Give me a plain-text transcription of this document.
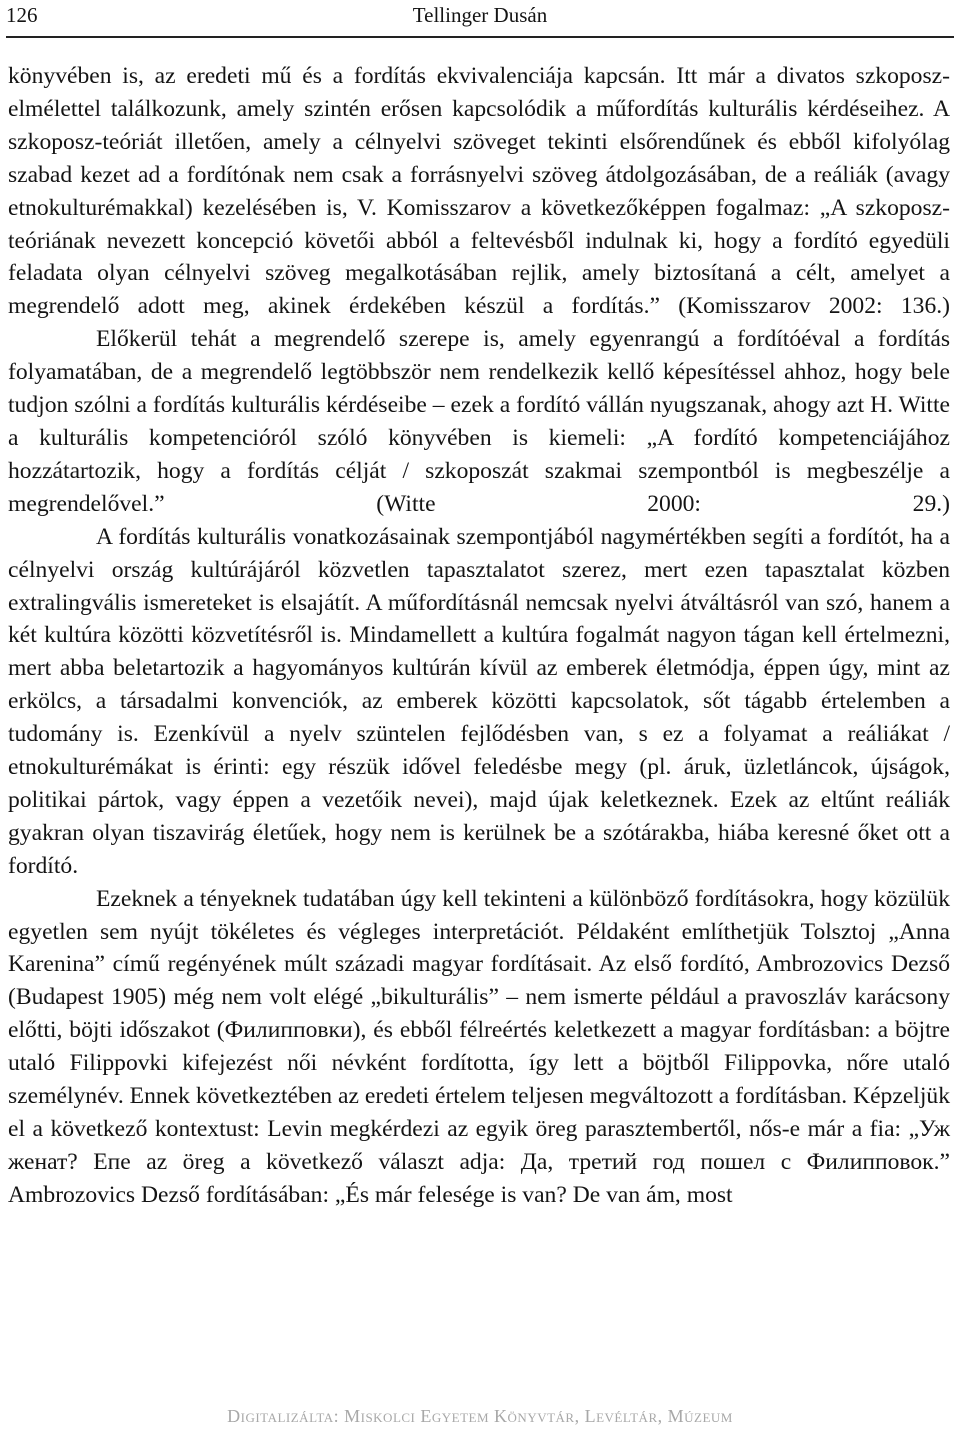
126	Tellinger Dusán

könyvében is, az eredeti mű és a fordítás ekvivalenciája kapcsán. Itt már a divatos szkoposz-elmélettel találkozunk, amely szintén erősen kapcsolódik a műfordítás kulturális kérdéseihez. A szkoposz-teóriát illetően, amely a célnyelvi szöveget tekinti elsőrendűnek és ebből kifolyólag szabad kezet ad a fordítónak nem csak a forrásnyelvi szöveg átdolgozásában, de a reáliák (avagy etnokulturémakkal) kezelésében is, V. Komisszarov a következőképpen fogalmaz: „A szkoposz-teóriának nevezett koncepció követői abból a feltevésből indulnak ki, hogy a fordító egyedüli feladata olyan célnyelvi szöveg megalkotásában rejlik, amely biztosítaná a célt, amelyet a megrendelő adott meg, akinek érdekében készül a fordítás.” (Komisszarov 2002: 136.)

Előkerül tehát a megrendelő szerepe is, amely egyenrangú a fordítóéval a fordítás folyamatában, de a megrendelő legtöbbször nem rendelkezik kellő képesítéssel ahhoz, hogy bele tudjon szólni a fordítás kulturális kérdéseibe – ezek a fordító vállán nyugszanak, ahogy azt H. Witte a kulturális kompetencióról szóló könyvében is kiemeli: „A fordító kompetenciájához hozzátartozik, hogy a fordítás célját / szkoposzát szakmai szempontból is megbeszélje a megrendelővel.” (Witte 2000: 29.)

A fordítás kulturális vonatkozásainak szempontjából nagymértékben segíti a fordítót, ha a célnyelvi ország kultúrájáról közvetlen tapasztalatot szerez, mert ezen tapasztalat közben extralingvális ismereteket is elsajátít. A műfordításnál nemcsak nyelvi átváltásról van szó, hanem a két kultúra közötti közvetítésről is. Mindamellett a kultúra fogalmát nagyon tágan kell értelmezni, mert abba beletartozik a hagyományos kultúrán kívül az emberek életmódja, éppen úgy, mint az erkölcs, a társadalmi konvenciók, az emberek közötti kapcsolatok, sőt tágabb értelemben a tudomány is. Ezenkívül a nyelv szüntelen fejlődésben van, s ez a folyamat a reáliákat / etnokulturémákat is érinti: egy részük idővel feledésbe megy (pl. áruk, üzletláncok, újságok, politikai pártok, vagy éppen a vezetőik nevei), majd újak keletkeznek. Ezek az eltűnt reáliák gyakran olyan tiszavirág életűek, hogy nem is kerülnek be a szótárakba, hiába keresné őket ott a fordító.

Ezeknek a tényeknek tudatában úgy kell tekinteni a különböző fordításokra, hogy közülük egyetlen sem nyújt tökéletes és végleges interpretációt. Példaként említhetjük Tolsztoj „Anna Karenina” című regényének múlt századi magyar fordításait. Az első fordító, Ambrozovics Dezső (Budapest 1905) még nem volt elégé „bikulturális” – nem ismerte például a pravoszláv karácsony előtti, böjti időszakot (Филипповки), és ebből félreértés keletkezett a magyar fordításban: a böjtre utaló Filippovki kifejezést női névként fordította, így lett a böjtből Filippovka, nőre utaló személynév. Ennek következtében az eredeti értelem teljesen megváltozott a fordításban. Képzeljük el a következő kontextust: Levin megkérdezi az egyik öreg parasztembertől, nős-e már a fia: „Уж женат? Eпе az öreg a következő választ adja: Да, третий год пошел с Филипповок.” Ambrozovics Dezső fordításában: „És már felesége is van? De van ám, most

Digitalizálta: Miskolci Egyetem Könyvtár, Levéltár, Múzeum
